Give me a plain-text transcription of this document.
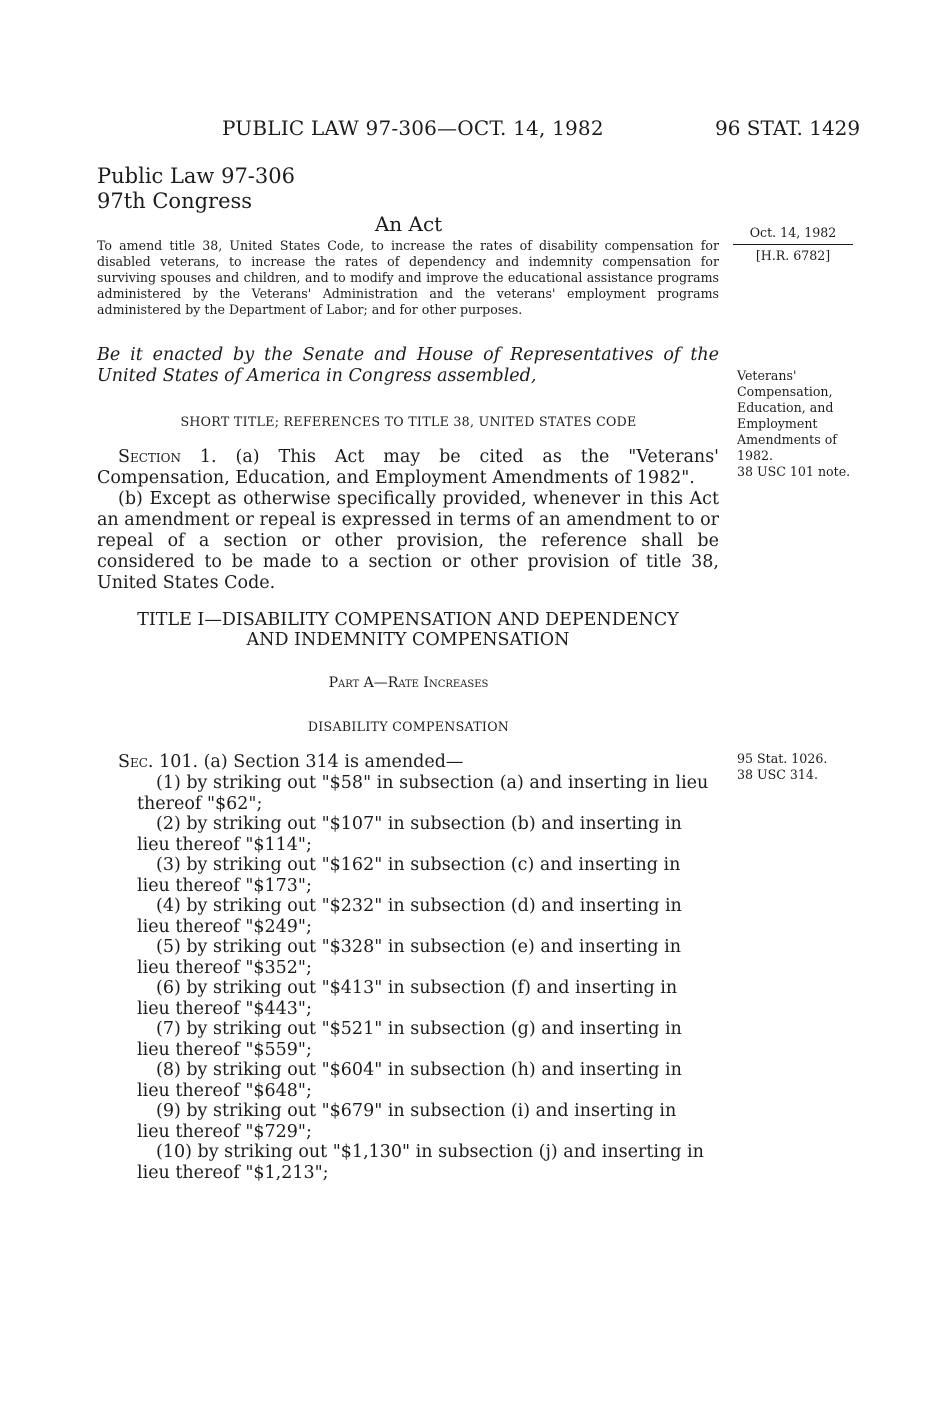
PUBLIC LAW 97-306—OCT. 14, 1982	96 STAT. 1429
Public Law 97-306
97th Congress
An Act
To amend title 38, United States Code, to increase the rates of disability compensation for disabled veterans, to increase the rates of dependency and indemnity compensation for surviving spouses and children, and to modify and improve the educational assistance programs administered by the Veterans' Administration and the veterans' employment programs administered by the Department of Labor; and for other purposes.
Oct. 14, 1982
[H.R. 6782]
Be it enacted by the Senate and House of Representatives of the United States of America in Congress assembled,	Veterans'
Compensation,
Education, and
Employment
Amendments of
1982.
38 USC 101 note.
SHORT TITLE; REFERENCES TO TITLE 38, UNITED STATES CODE
Section 1. (a) This Act may be cited as the "Veterans' Compensation, Education, and Employment Amendments of 1982".
(b) Except as otherwise specifically provided, whenever in this Act an amendment or repeal is expressed in terms of an amendment to or repeal of a section or other provision, the reference shall be considered to be made to a section or other provision of title 38, United States Code.
TITLE I—DISABILITY COMPENSATION AND DEPENDENCY
AND INDEMNITY COMPENSATION
Part A—Rate Increases
DISABILITY COMPENSATION
95 Stat. 1026.
38 USC 314.
Sec. 101. (a) Section 314 is amended—
(1) by striking out "$58" in subsection (a) and inserting in lieu
thereof "$62";
(2) by striking out "$107" in subsection (b) and inserting in
lieu thereof "$114";
(3) by striking out "$162" in subsection (c) and inserting in
lieu thereof "$173";
(4) by striking out "$232" in subsection (d) and inserting in
lieu thereof "$249";
(5) by striking out "$328" in subsection (e) and inserting in
lieu thereof "$352";
(6) by striking out "$413" in subsection (f) and inserting in
lieu thereof "$443";
(7) by striking out "$521" in subsection (g) and inserting in
lieu thereof "$559";
(8) by striking out "$604" in subsection (h) and inserting in
lieu thereof "$648";
(9) by striking out "$679" in subsection (i) and inserting in
lieu thereof "$729";
(10) by striking out "$1,130" in subsection (j) and inserting in
lieu thereof "$1,213";
